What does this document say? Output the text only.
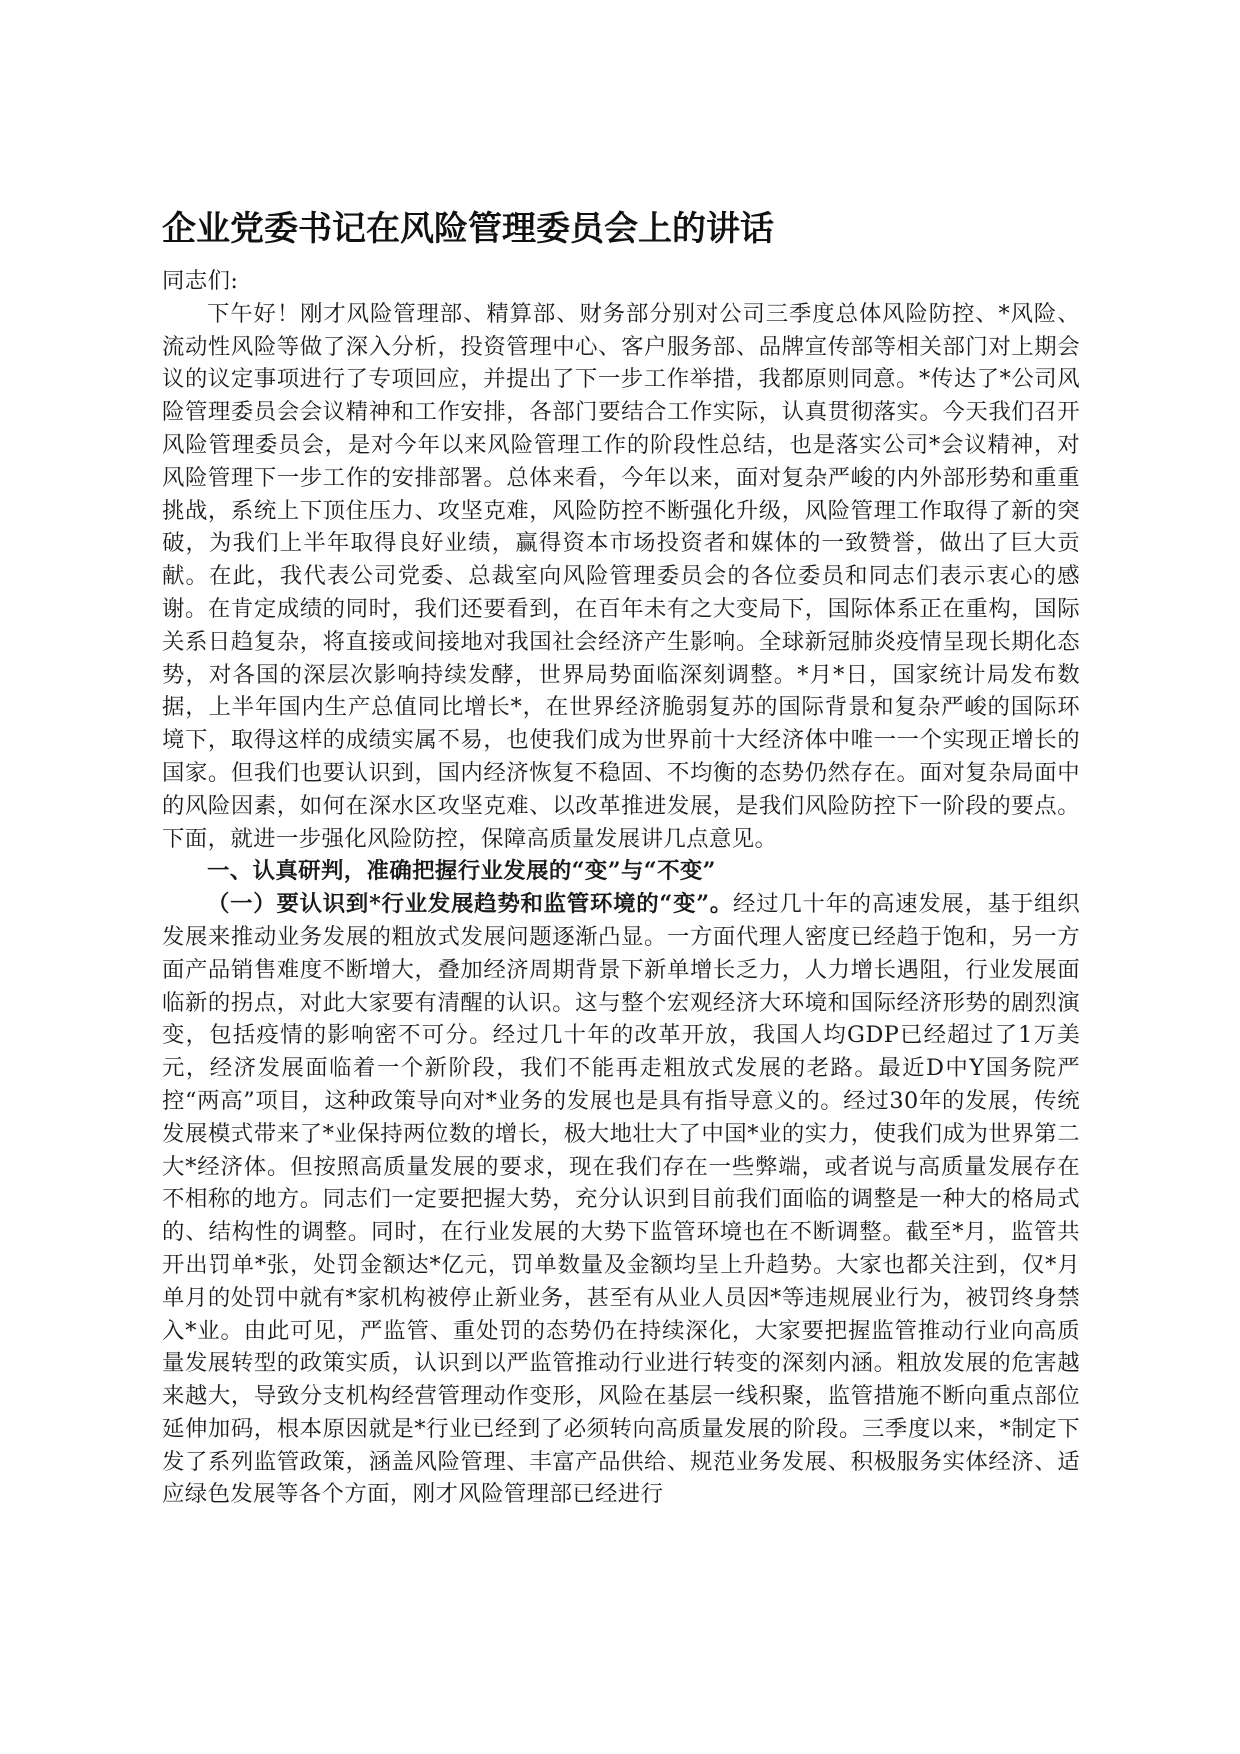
企业党委书记在风险管理委员会上的讲话

同志们:

下午好！刚才风险管理部、精算部、财务部分别对公司三季度总体风险防控、*风险、流动性风险等做了深入分析，投资管理中心、客户服务部、品牌宣传部等相关部门对上期会议的议定事项进行了专项回应，并提出了下一步工作举措，我都原则同意。*传达了*公司风险管理委员会会议精神和工作安排，各部门要结合工作实际，认真贯彻落实。今天我们召开风险管理委员会，是对今年以来风险管理工作的阶段性总结，也是落实公司*会议精神，对风险管理下一步工作的安排部署。总体来看，今年以来，面对复杂严峻的内外部形势和重重挑战，系统上下顶住压力、攻坚克难，风险防控不断强化升级，风险管理工作取得了新的突破，为我们上半年取得良好业绩，赢得资本市场投资者和媒体的一致赞誉，做出了巨大贡献。在此，我代表公司党委、总裁室向风险管理委员会的各位委员和同志们表示衷心的感谢。在肯定成绩的同时，我们还要看到，在百年未有之大变局下，国际体系正在重构，国际关系日趋复杂，将直接或间接地对我国社会经济产生影响。全球新冠肺炎疫情呈现长期化态势，对各国的深层次影响持续发酵，世界局势面临深刻调整。*月*日，国家统计局发布数据，上半年国内生产总值同比增长*，在世界经济脆弱复苏的国际背景和复杂严峻的国际环境下，取得这样的成绩实属不易，也使我们成为世界前十大经济体中唯一一个实现正增长的国家。但我们也要认识到，国内经济恢复不稳固、不均衡的态势仍然存在。面对复杂局面中的风险因素，如何在深水区攻坚克难、以改革推进发展，是我们风险防控下一阶段的要点。下面，就进一步强化风险防控，保障高质量发展讲几点意见。

一、认真研判，准确把握行业发展的“变”与“不变”

（一）要认识到*行业发展趋势和监管环境的“变”。经过几十年的高速发展，基于组织发展来推动业务发展的粗放式发展问题逐渐凸显。一方面代理人密度已经趋于饱和，另一方面产品销售难度不断增大，叠加经济周期背景下新单增长乏力，人力增长遇阻，行业发展面临新的拐点，对此大家要有清醒的认识。这与整个宏观经济大环境和国际经济形势的剧烈演变，包括疫情的影响密不可分。经过几十年的改革开放，我国人均GDP已经超过了1万美元，经济发展面临着一个新阶段，我们不能再走粗放式发展的老路。最近D中Y国务院严控“两高”项目，这种政策导向对*业务的发展也是具有指导意义的。经过30年的发展，传统发展模式带来了*业保持两位数的增长，极大地壮大了中国*业的实力，使我们成为世界第二大*经济体。但按照高质量发展的要求，现在我们存在一些弊端，或者说与高质量发展存在不相称的地方。同志们一定要把握大势，充分认识到目前我们面临的调整是一种大的格局式的、结构性的调整。同时，在行业发展的大势下监管环境也在不断调整。截至*月，监管共开出罚单*张，处罚金额达*亿元，罚单数量及金额均呈上升趋势。大家也都关注到，仅*月单月的处罚中就有*家机构被停止新业务，甚至有从业人员因*等违规展业行为，被罚终身禁入*业。由此可见，严监管、重处罚的态势仍在持续深化，大家要把握监管推动行业向高质量发展转型的政策实质，认识到以严监管推动行业进行转变的深刻内涵。粗放发展的危害越来越大，导致分支机构经营管理动作变形，风险在基层一线积聚，监管措施不断向重点部位延伸加码，根本原因就是*行业已经到了必须转向高质量发展的阶段。三季度以来，*制定下发了系列监管政策，涵盖风险管理、丰富产品供给、规范业务发展、积极服务实体经济、适应绿色发展等各个方面，刚才风险管理部已经进行
